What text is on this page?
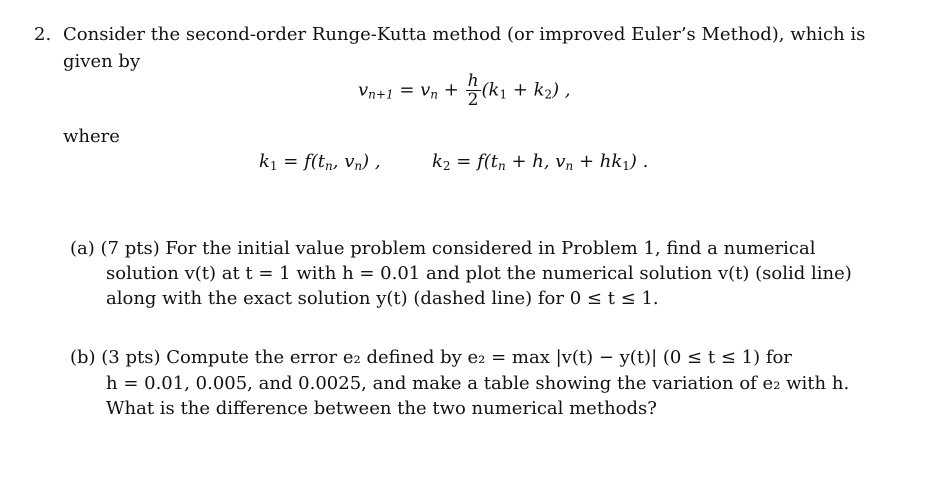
2. Consider the second-order Runge-Kutta method (or improved Euler’s Method), which is
given by
$v_{n+1} = v_n + \frac{h}{2} (k_1 + k_2)$ ,
where
$k_1 = f(t_n$, $v_n$) ,	$k_2 = f(t_n + h$, $v_n + hk_1$) .
(a) (7 pts) For the initial value problem considered in Problem 1, find a numerical
solution v(t) at t = 1 with h = 0.01 and plot the numerical solution v(t) (solid line)
along with the exact solution y(t) (dashed line) for 0 ≤ t ≤ 1.
(b) (3 pts) Compute the error e₂ defined by e₂ = max |v(t) − y(t)| (0 ≤ t ≤ 1) for
h = 0.01, 0.005, and 0.0025, and make a table showing the variation of e₂ with h.
What is the difference between the two numerical methods?
